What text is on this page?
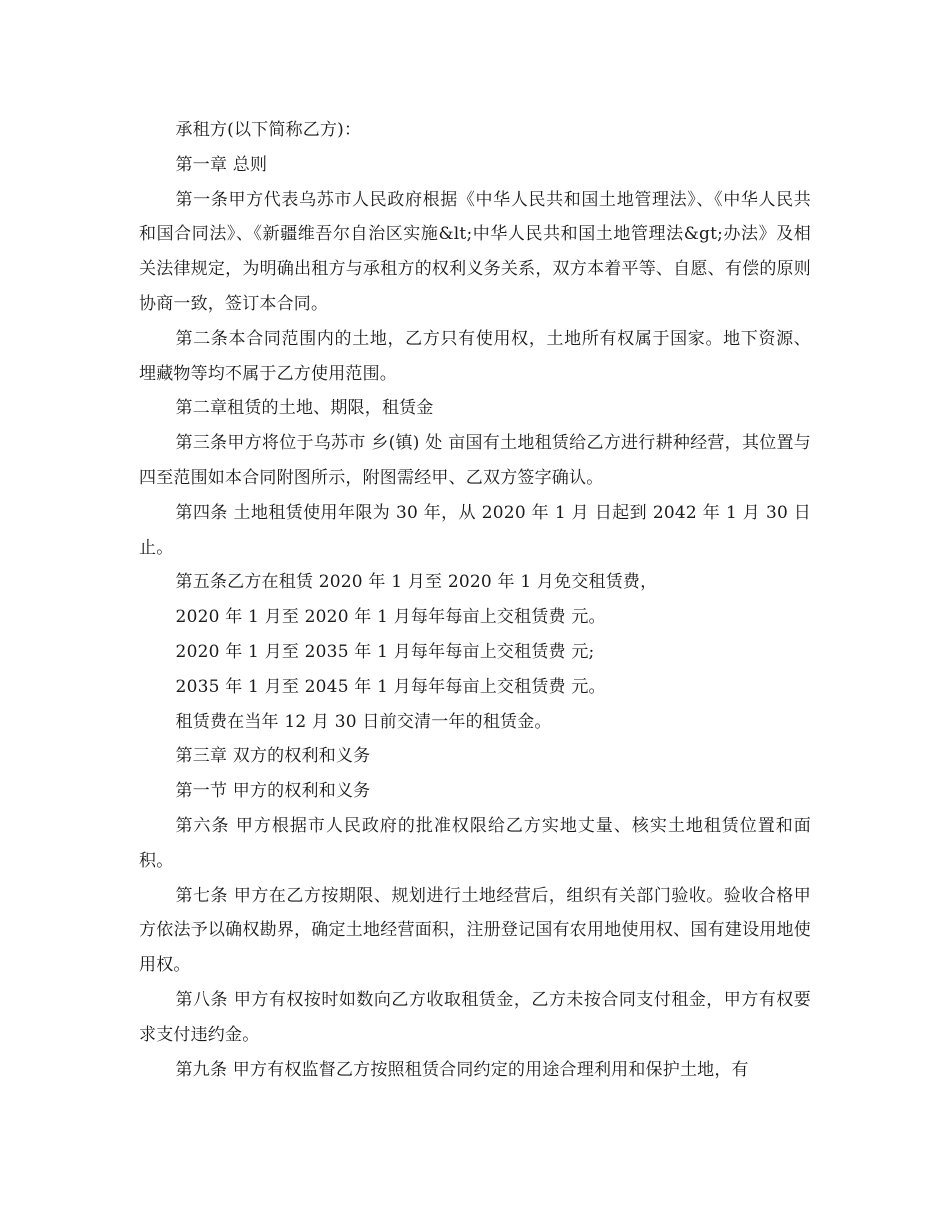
承租方(以下简称乙方)：

第一章 总则

第一条甲方代表乌苏市人民政府根据《中华人民共和国土地管理法》、《中华人民共和国合同法》、《新疆维吾尔自治区实施&lt;中华人民共和国土地管理法&gt;办法》及相关法律规定，为明确出租方与承租方的权利义务关系，双方本着平等、自愿、有偿的原则协商一致，签订本合同。

第二条本合同范围内的土地，乙方只有使用权，土地所有权属于国家。地下资源、埋藏物等均不属于乙方使用范围。

第二章租赁的土地、期限，租赁金

第三条甲方将位于乌苏市 乡(镇) 处 亩国有土地租赁给乙方进行耕种经营，其位置与四至范围如本合同附图所示，附图需经甲、乙双方签字确认。

第四条 土地租赁使用年限为 30 年，从 2020 年 1 月 日起到 2042 年 1 月 30 日止。

第五条乙方在租赁 2020 年 1 月至 2020 年 1 月免交租赁费，

2020 年 1 月至 2020 年 1 月每年每亩上交租赁费 元。

2020 年 1 月至 2035 年 1 月每年每亩上交租赁费 元;

2035 年 1 月至 2045 年 1 月每年每亩上交租赁费 元。

租赁费在当年 12 月 30 日前交清一年的租赁金。

第三章 双方的权利和义务

第一节 甲方的权利和义务

第六条 甲方根据市人民政府的批准权限给乙方实地丈量、核实土地租赁位置和面积。

第七条 甲方在乙方按期限、规划进行土地经营后，组织有关部门验收。验收合格甲方依法予以确权勘界，确定土地经营面积，注册登记国有农用地使用权、国有建设用地使用权。

第八条 甲方有权按时如数向乙方收取租赁金，乙方未按合同支付租金，甲方有权要求支付违约金。

第九条 甲方有权监督乙方按照租赁合同约定的用途合理利用和保护土地，有
